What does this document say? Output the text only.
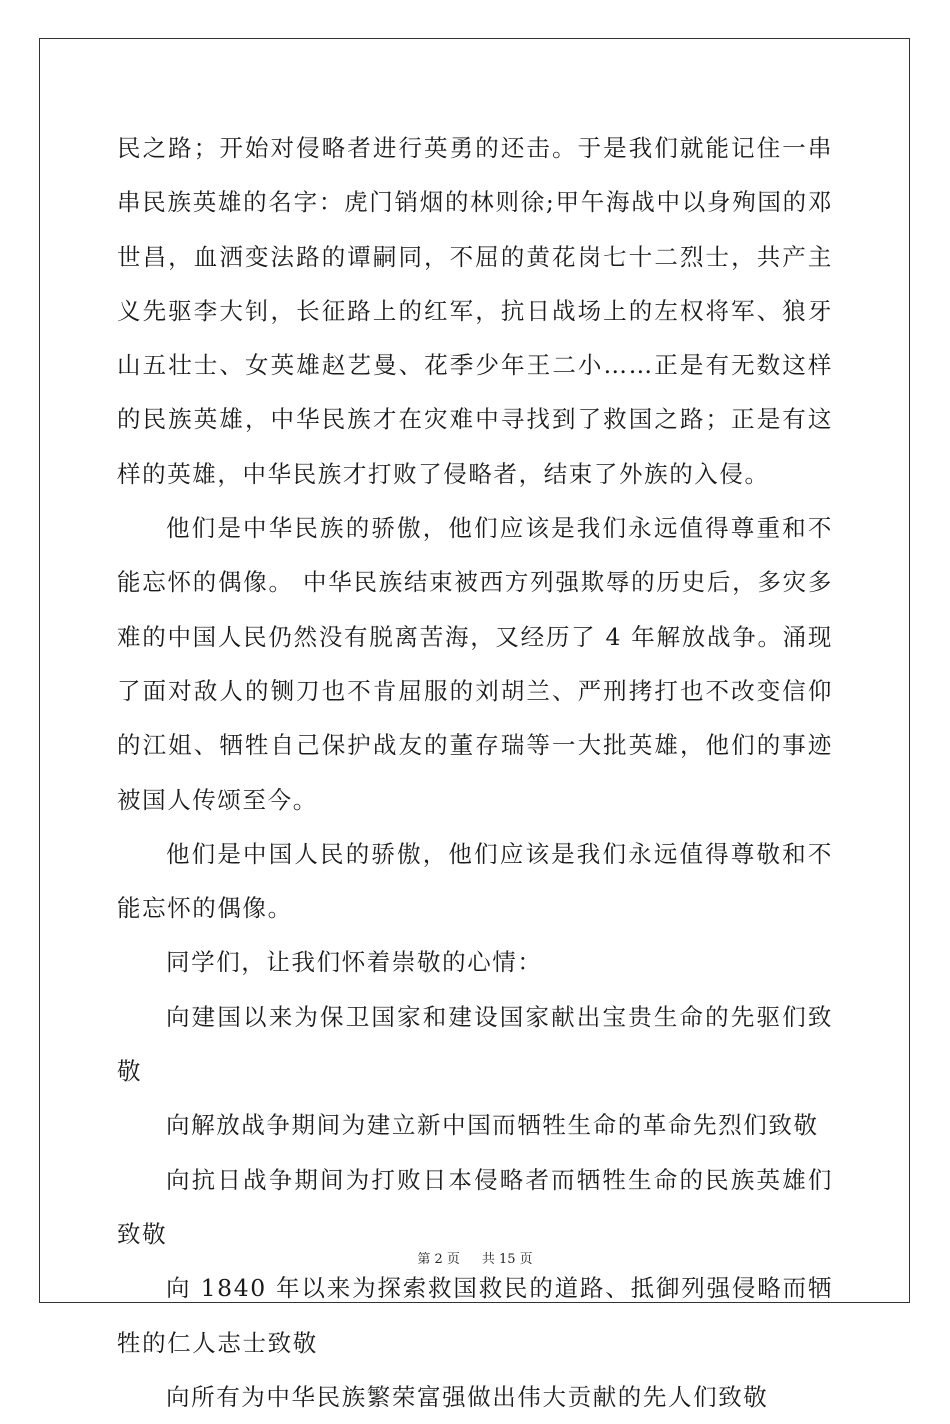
民之路；开始对侵略者进行英勇的还击。于是我们就能记住一串串民族英雄的名字：虎门销烟的林则徐;甲午海战中以身殉国的邓世昌，血洒变法路的谭嗣同，不屈的黄花岗七十二烈士，共产主义先驱李大钊，长征路上的红军，抗日战场上的左权将军、狼牙山五壮士、女英雄赵艺曼、花季少年王二小……正是有无数这样的民族英雄，中华民族才在灾难中寻找到了救国之路；正是有这样的英雄，中华民族才打败了侵略者，结束了外族的入侵。

他们是中华民族的骄傲，他们应该是我们永远值得尊重和不能忘怀的偶像。 中华民族结束被西方列强欺辱的历史后，多灾多难的中国人民仍然没有脱离苦海，又经历了 4 年解放战争。涌现了面对敌人的铡刀也不肯屈服的刘胡兰、严刑拷打也不改变信仰的江姐、牺牲自己保护战友的董存瑞等一大批英雄，他们的事迹被国人传颂至今。

他们是中国人民的骄傲，他们应该是我们永远值得尊敬和不能忘怀的偶像。

同学们，让我们怀着崇敬的心情：

向建国以来为保卫国家和建设国家献出宝贵生命的先驱们致敬

向解放战争期间为建立新中国而牺牲生命的革命先烈们致敬

向抗日战争期间为打败日本侵略者而牺牲生命的民族英雄们致敬

向 1840 年以来为探索救国救民的道路、抵御列强侵略而牺牲的仁人志士致敬

向所有为中华民族繁荣富强做出伟大贡献的先人们致敬

第 2 页 共 15 页
